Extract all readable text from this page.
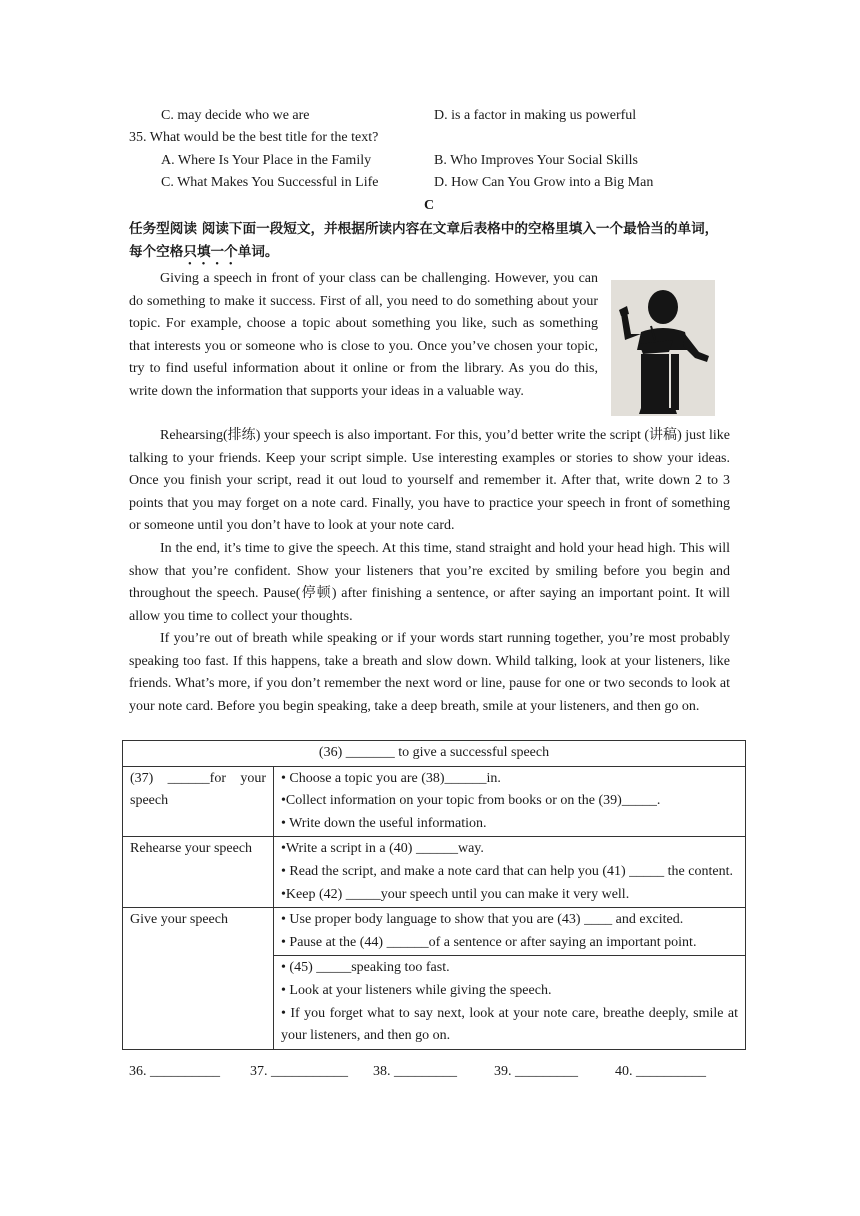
C. may decide who we are	D. is a factor in making us powerful
35. What would be the best title for the text?
A. Where Is Your Place in the Family	B. Who Improves Your Social Skills
C. What Makes You Successful in Life	D. How Can You Grow into a Big Man
C

任务型阅读 阅读下面一段短文，并根据所读内容在文章后表格中的空格里填入一个最恰当的单词，每个空格只填一个单词。

Giving a speech in front of your class can be challenging. However, you can do something to make it success. First of all, you need to do something about your topic. For example, choose a topic about something you like, such as something that interests you or someone who is close to you. Once you’ve chosen your topic, try to find useful information about it online or from the library. As you do this, write down the information that supports your ideas in a valuable way.

Rehearsing(排练) your speech is also important. For this, you’d better write the script (讲稿) just like talking to your friends. Keep your script simple. Use interesting examples or stories to show your ideas. Once you finish your script, read it out loud to yourself and remember it. After that, write down 2 to 3 points that you may forget on a note card. Finally, you have to practice your speech in front of something or someone until you don’t have to look at your note card.

In the end, it’s time to give the speech. At this time, stand straight and hold your head high. This will show that you’re confident. Show your listeners that you’re excited by smiling before you begin and throughout the speech. Pause(停顿) after finishing a sentence, or after saying an important point. It will allow you time to collect your thoughts.

If you’re out of breath while speaking or if your words start running together, you’re most probably speaking too fast. If this happens, take a breath and slow down. Whild talking, look at your listeners, like friends. What’s more, if you don’t remember the next word or line, pause for one or two seconds to look at your note card. Before you begin speaking, take a deep breath, smile at your listeners, and then go on.

(36) _______ to give a successful speech	
(37) ______for your speech	• Choose a topic you are (38)______in.
•Collect information on your topic from books or on the (39)_____.
• Write down the useful information.

Rehearse your speech	•Write a script in a (40) ______way.
• Read the script, and make a note card that can help you (41) _____ the content.
•Keep (42) _____your speech until you can make it very well.

Give your speech	• Use proper body language to show that you are (43) ____ and excited.
• Pause at the (44) ______of a sentence or after saying an important point.

	• (45) _____speaking too fast.
• Look at your listeners while giving the speech.
• If you forget what to say next, look at your note care, breathe deeply, smile at your listeners, and then go on.
36. __________ 37. ___________ 38. _________	39. _________	40. __________
